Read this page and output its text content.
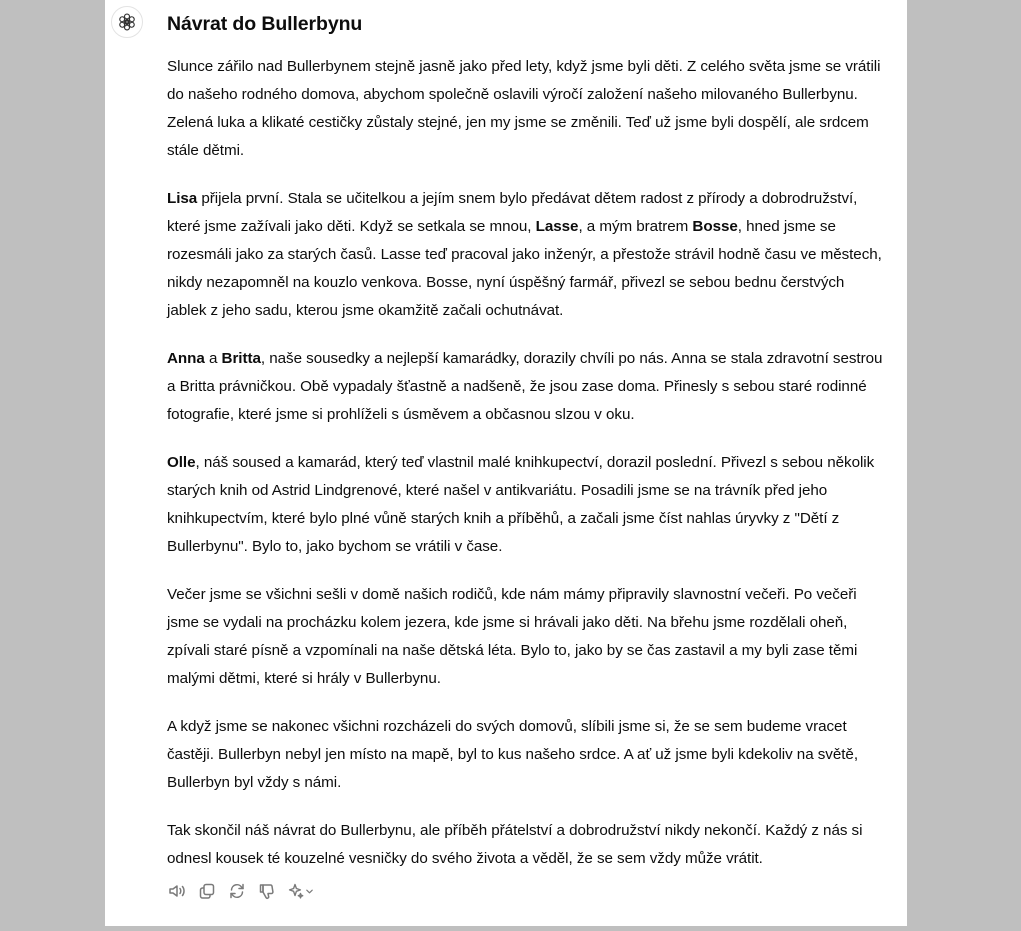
Návrat do Bullerbynu

Slunce zářilo nad Bullerbynem stejně jasně jako před lety, když jsme byli děti. Z celého světa jsme se vrátili do našeho rodného domova, abychom společně oslavili výročí založení našeho milovaného Bullerbynu. Zelená luka a klikaté cestičky zůstaly stejné, jen my jsme se změnili. Teď už jsme byli dospělí, ale srdcem stále dětmi.

Lisa přijela první. Stala se učitelkou a jejím snem bylo předávat dětem radost z přírody a dobrodružství, které jsme zažívali jako děti. Když se setkala se mnou, Lasse, a mým bratrem Bosse, hned jsme se rozesmáli jako za starých časů. Lasse teď pracoval jako inženýr, a přestože strávil hodně času ve městech, nikdy nezapomněl na kouzlo venkova. Bosse, nyní úspěšný farmář, přivezl se sebou bednu čerstvých jablek z jeho sadu, kterou jsme okamžitě začali ochutnávat.

Anna a Britta, naše sousedky a nejlepší kamarádky, dorazily chvíli po nás. Anna se stala zdravotní sestrou a Britta právničkou. Obě vypadaly šťastně a nadšeně, že jsou zase doma. Přinesly s sebou staré rodinné fotografie, které jsme si prohlíželi s úsměvem a občasnou slzou v oku.

Olle, náš soused a kamarád, který teď vlastnil malé knihkupectví, dorazil poslední. Přivezl s sebou několik starých knih od Astrid Lindgrenové, které našel v antikvariátu. Posadili jsme se na trávník před jeho knihkupectvím, které bylo plné vůně starých knih a příběhů, a začali jsme číst nahlas úryvky z "Dětí z Bullerbynu". Bylo to, jako bychom se vrátili v čase.

Večer jsme se všichni sešli v domě našich rodičů, kde nám mámy připravily slavnostní večeři. Po večeři jsme se vydali na procházku kolem jezera, kde jsme si hrávali jako děti. Na břehu jsme rozdělali oheň, zpívali staré písně a vzpomínali na naše dětská léta. Bylo to, jako by se čas zastavil a my byli zase těmi malými dětmi, které si hrály v Bullerbynu.

A když jsme se nakonec všichni rozcházeli do svých domovů, slíbili jsme si, že se sem budeme vracet častěji. Bullerbyn nebyl jen místo na mapě, byl to kus našeho srdce. A ať už jsme byli kdekoliv na světě, Bullerbyn byl vždy s námi.

Tak skončil náš návrat do Bullerbynu, ale příběh přátelství a dobrodružství nikdy nekončí. Každý z nás si odnesl kousek té kouzelné vesničky do svého života a věděl, že se sem vždy může vrátit.
